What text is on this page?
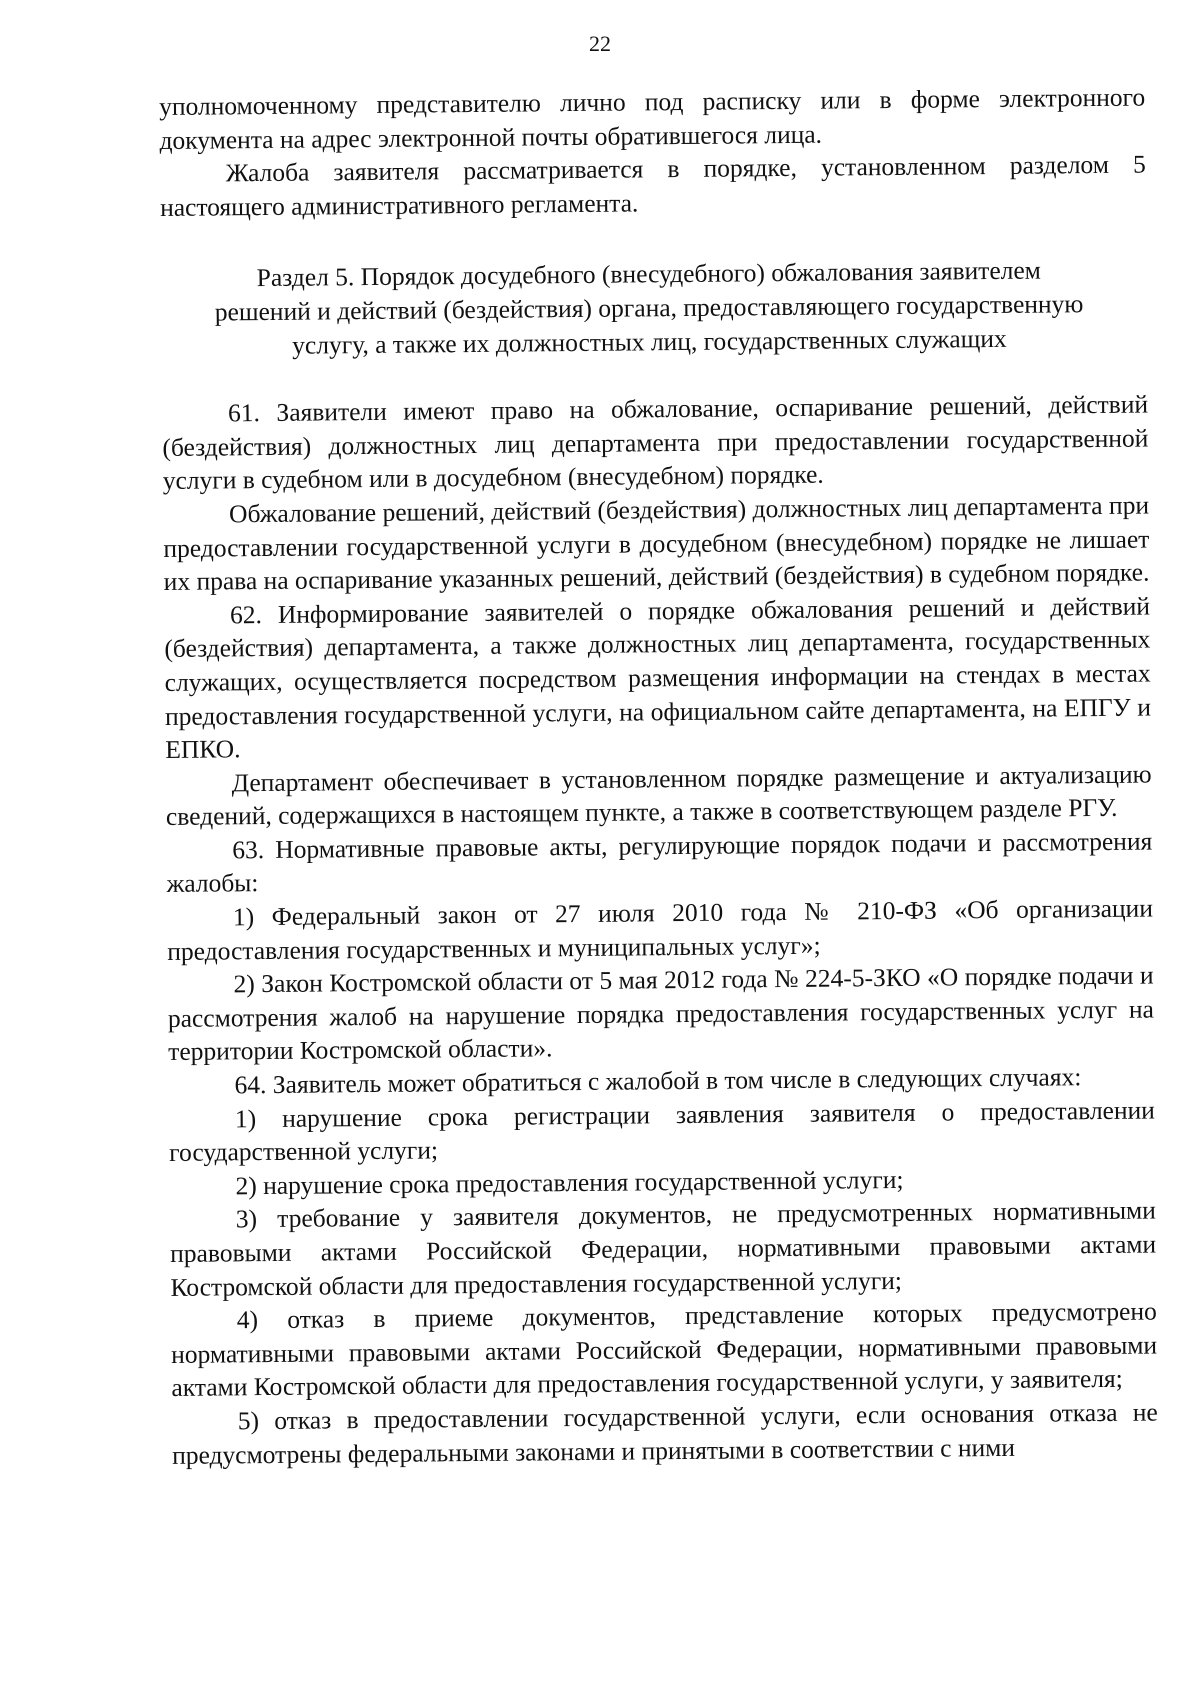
22

уполномоченному представителю лично под расписку или в форме электронного документа на адрес электронной почты обратившегося лица.

Жалоба заявителя рассматривается в порядке, установленном разделом 5 настоящего административного регламента.

Раздел 5. Порядок досудебного (внесудебного) обжалования заявителем
решений и действий (бездействия) органа, предоставляющего государственную
услугу, а также их должностных лиц, государственных служащих

61. Заявители имеют право на обжалование, оспаривание решений, действий (бездействия) должностных лиц департамента при предоставлении государственной услуги в судебном или в досудебном (внесудебном) порядке.

Обжалование решений, действий (бездействия) должностных лиц департамента при предоставлении государственной услуги в досудебном (внесудебном) порядке не лишает их права на оспаривание указанных решений, действий (бездействия) в судебном порядке.

62. Информирование заявителей о порядке обжалования решений и действий (бездействия) департамента, а также должностных лиц департамента, государственных служащих, осуществляется посредством размещения информации на стендах в местах предоставления государственной услуги, на официальном сайте департамента, на ЕПГУ и ЕПКО.

Департамент обеспечивает в установленном порядке размещение и актуализацию сведений, содержащихся в настоящем пункте, а также в соответствующем разделе РГУ.

63. Нормативные правовые акты, регулирующие порядок подачи и рассмотрения жалобы:

1) Федеральный закон от 27 июля 2010 года № 210-ФЗ «Об организации предоставления государственных и муниципальных услуг»;

2) Закон Костромской области от 5 мая 2012 года № 224-5-ЗКО «О порядке подачи и рассмотрения жалоб на нарушение порядка предоставления государственных услуг на территории Костромской области».

64. Заявитель может обратиться с жалобой в том числе в следующих случаях:

1) нарушение срока регистрации заявления заявителя о предоставлении государственной услуги;

2) нарушение срока предоставления государственной услуги;

3) требование у заявителя документов, не предусмотренных нормативными правовыми актами Российской Федерации, нормативными правовыми актами Костромской области для предоставления государственной услуги;

4) отказ в приеме документов, представление которых предусмотрено нормативными правовыми актами Российской Федерации, нормативными правовыми актами Костромской области для предоставления государственной услуги, у заявителя;

5) отказ в предоставлении государственной услуги, если основания отказа не предусмотрены федеральными законами и принятыми в соответствии с ними
